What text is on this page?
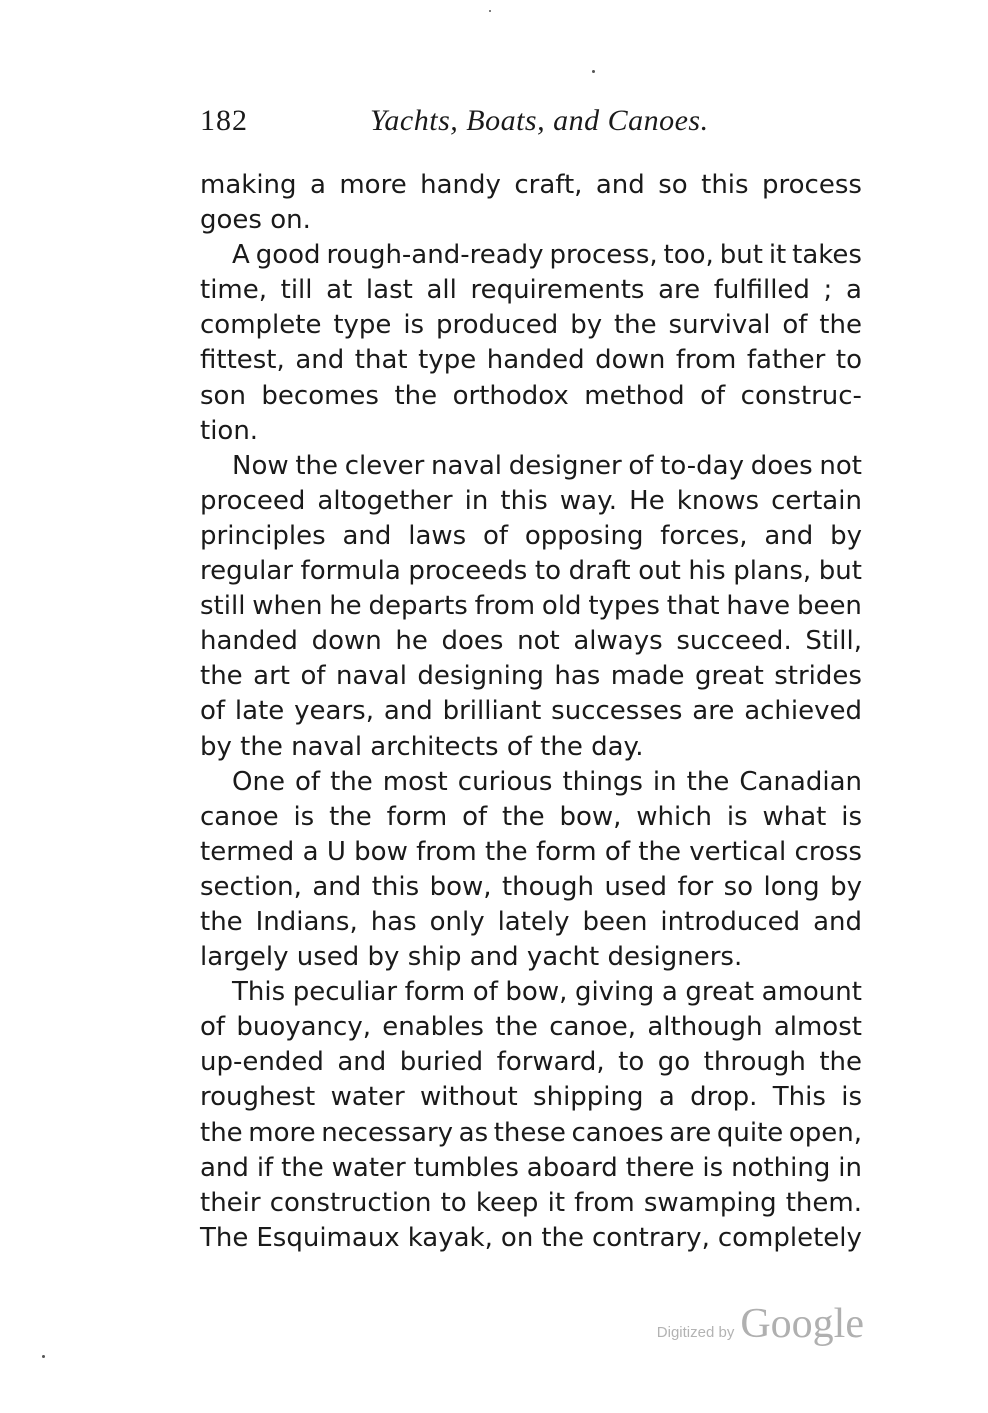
182	Yachts, Boats, and Canoes.
making a more handy craft, and so this process
goes on.
A good rough-and-ready process, too, but it takes
time, till at last all requirements are fulfilled ; a
complete type is produced by the survival of the
fittest, and that type handed down from father to
son becomes the orthodox method of construc-
tion.
Now the clever naval designer of to-day does not
proceed altogether in this way. He knows certain
principles and laws of opposing forces, and by
regular formula proceeds to draft out his plans, but
still when he departs from old types that have been
handed down he does not always succeed. Still,
the art of naval designing has made great strides
of late years, and brilliant successes are achieved
by the naval architects of the day.
One of the most curious things in the Canadian
canoe is the form of the bow, which is what is
termed a U bow from the form of the vertical cross
section, and this bow, though used for so long by
the Indians, has only lately been introduced and
largely used by ship and yacht designers.
This peculiar form of bow, giving a great amount
of buoyancy, enables the canoe, although almost
up-ended and buried forward, to go through the
roughest water without shipping a drop. This is
the more necessary as these canoes are quite open,
and if the water tumbles aboard there is nothing in
their construction to keep it from swamping them.
The Esquimaux kayak, on the contrary, completely
Digitized by Google
